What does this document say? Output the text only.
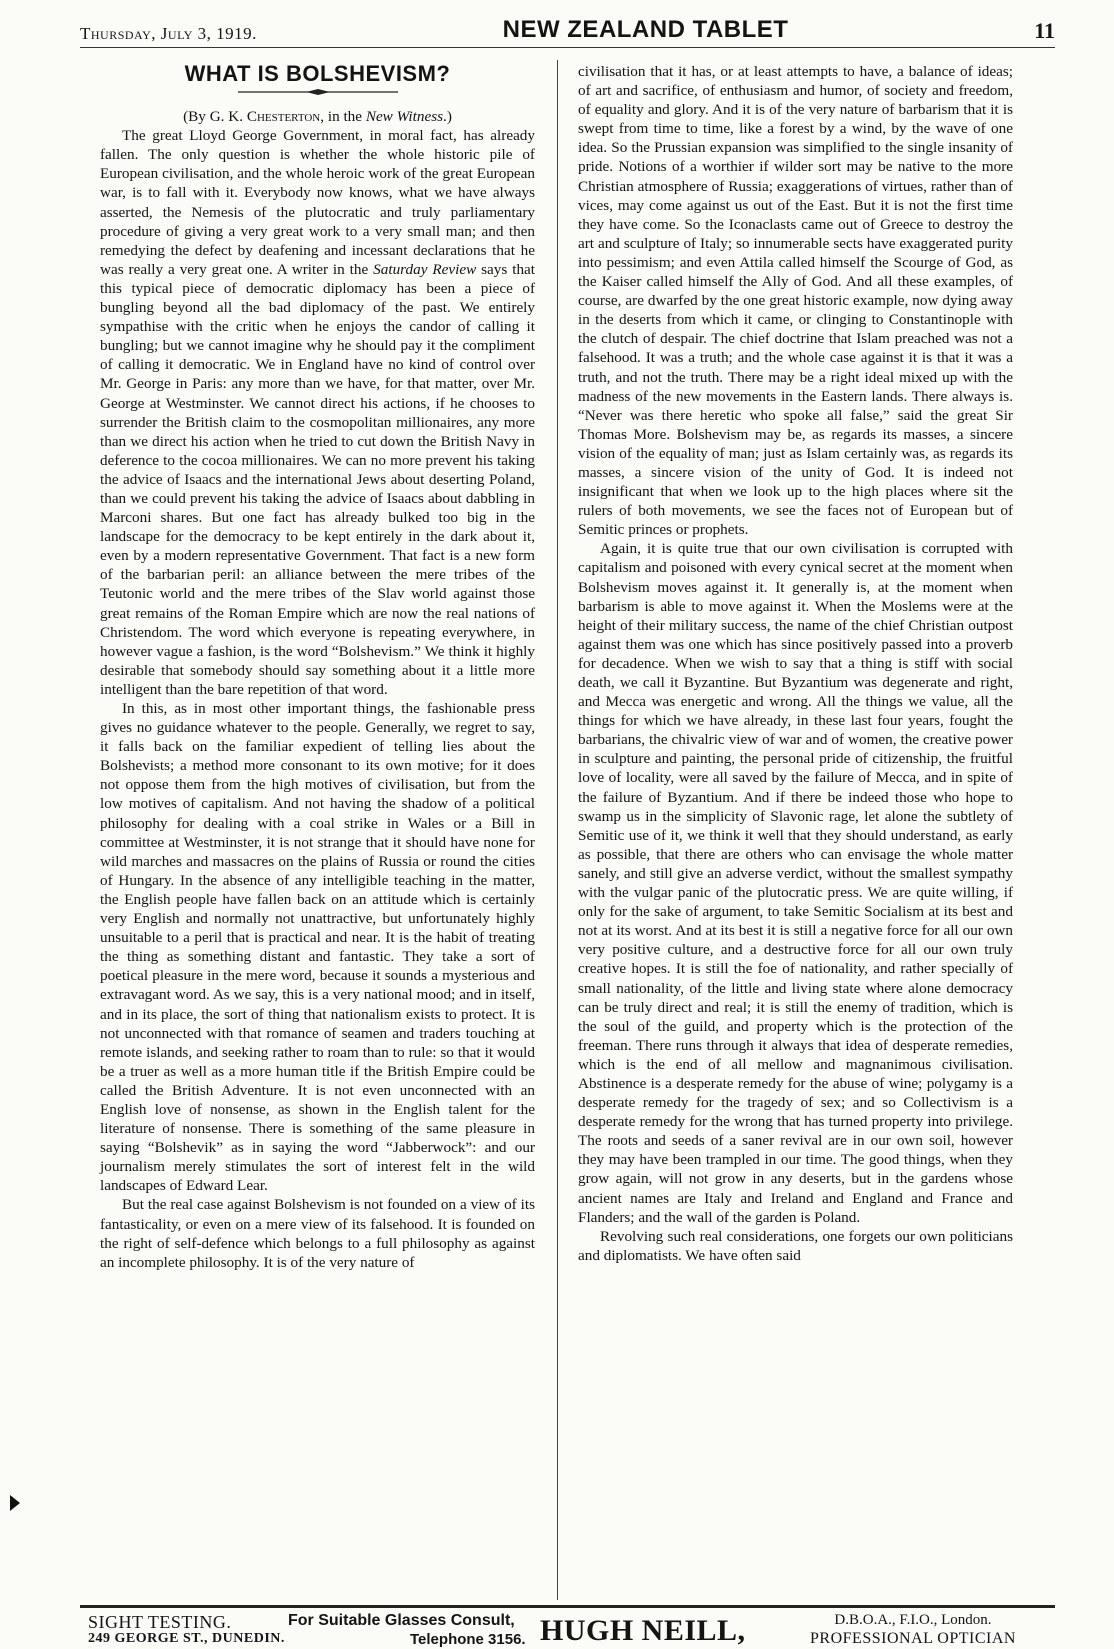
Thursday, July 3, 1919.	NEW ZEALAND TABLET	11
WHAT IS BOLSHEVISM?

(By G. K. Chesterton, in the New Witness.)

The great Lloyd George Government, in moral fact, has already fallen. The only question is whether the whole historic pile of European civilisation, and the whole heroic work of the great European war, is to fall with it. Everybody now knows, what we have always asserted, the Nemesis of the plutocratic and truly parliamentary procedure of giving a very great work to a very small man; and then remedying the defect by deafening and incessant declarations that he was really a very great one. A writer in the Saturday Review says that this typical piece of democratic diplomacy has been a piece of bungling beyond all the bad diplomacy of the past. We entirely sympathise with the critic when he enjoys the candor of calling it bungling; but we cannot imagine why he should pay it the compliment of calling it democratic. We in England have no kind of control over Mr. George in Paris: any more than we have, for that matter, over Mr. George at Westminster. We cannot direct his actions, if he chooses to surrender the British claim to the cosmopolitan millionaires, any more than we direct his action when he tried to cut down the British Navy in deference to the cocoa millionaires. We can no more prevent his taking the advice of Isaacs and the international Jews about deserting Poland, than we could prevent his taking the advice of Isaacs about dabbling in Marconi shares. But one fact has already bulked too big in the landscape for the democracy to be kept entirely in the dark about it, even by a modern representative Government. That fact is a new form of the barbarian peril: an alliance between the mere tribes of the Teutonic world and the mere tribes of the Slav world against those great remains of the Roman Empire which are now the real nations of Christendom. The word which everyone is repeating everywhere, in however vague a fashion, is the word “Bolshevism.” We think it highly desirable that somebody should say something about it a little more intelligent than the bare repetition of that word.

In this, as in most other important things, the fashionable press gives no guidance whatever to the people. Generally, we regret to say, it falls back on the familiar expedient of telling lies about the Bolshevists; a method more consonant to its own motive; for it does not oppose them from the high motives of civilisation, but from the low motives of capitalism. And not having the shadow of a political philosophy for dealing with a coal strike in Wales or a Bill in committee at Westminster, it is not strange that it should have none for wild marches and massacres on the plains of Russia or round the cities of Hungary. In the absence of any intelligible teaching in the matter, the English people have fallen back on an attitude which is certainly very English and normally not unattractive, but unfortunately highly unsuitable to a peril that is practical and near. It is the habit of treating the thing as something distant and fantastic. They take a sort of poetical pleasure in the mere word, because it sounds a mysterious and extravagant word. As we say, this is a very national mood; and in itself, and in its place, the sort of thing that nationalism exists to protect. It is not unconnected with that romance of seamen and traders touching at remote islands, and seeking rather to roam than to rule: so that it would be a truer as well as a more human title if the British Empire could be called the British Adventure. It is not even unconnected with an English love of nonsense, as shown in the English talent for the literature of nonsense. There is something of the same pleasure in saying “Bolshevik” as in saying the word “Jabberwock”: and our journalism merely stimulates the sort of interest felt in the wild landscapes of Edward Lear.

But the real case against Bolshevism is not founded on a view of its fantasticality, or even on a mere view of its falsehood. It is founded on the right of self-defence which belongs to a full philosophy as against an incomplete philosophy. It is of the very nature of

civilisation that it has, or at least attempts to have, a balance of ideas; of art and sacrifice, of enthusiasm and humor, of society and freedom, of equality and glory. And it is of the very nature of barbarism that it is swept from time to time, like a forest by a wind, by the wave of one idea. So the Prussian expansion was simplified to the single insanity of pride. Notions of a worthier if wilder sort may be native to the more Christian atmosphere of Russia; exaggerations of virtues, rather than of vices, may come against us out of the East. But it is not the first time they have come. So the Iconaclasts came out of Greece to destroy the art and sculpture of Italy; so innumerable sects have exaggerated purity into pessimism; and even Attila called himself the Scourge of God, as the Kaiser called himself the Ally of God. And all these examples, of course, are dwarfed by the one great historic example, now dying away in the deserts from which it came, or clinging to Constantinople with the clutch of despair. The chief doctrine that Islam preached was not a falsehood. It was a truth; and the whole case against it is that it was a truth, and not the truth. There may be a right ideal mixed up with the madness of the new movements in the Eastern lands. There always is. “Never was there heretic who spoke all false,” said the great Sir Thomas More. Bolshevism may be, as regards its masses, a sincere vision of the equality of man; just as Islam certainly was, as regards its masses, a sincere vision of the unity of God. It is indeed not insignificant that when we look up to the high places where sit the rulers of both movements, we see the faces not of European but of Semitic princes or prophets.

Again, it is quite true that our own civilisation is corrupted with capitalism and poisoned with every cynical secret at the moment when Bolshevism moves against it. It generally is, at the moment when barbarism is able to move against it. When the Moslems were at the height of their military success, the name of the chief Christian outpost against them was one which has since positively passed into a proverb for decadence. When we wish to say that a thing is stiff with social death, we call it Byzantine. But Byzantium was degenerate and right, and Mecca was energetic and wrong. All the things we value, all the things for which we have already, in these last four years, fought the barbarians, the chivalric view of war and of women, the creative power in sculpture and painting, the personal pride of citizenship, the fruitful love of locality, were all saved by the failure of Mecca, and in spite of the failure of Byzantium. And if there be indeed those who hope to swamp us in the simplicity of Slavonic rage, let alone the subtlety of Semitic use of it, we think it well that they should understand, as early as possible, that there are others who can envisage the whole matter sanely, and still give an adverse verdict, without the smallest sympathy with the vulgar panic of the plutocratic press. We are quite willing, if only for the sake of argument, to take Semitic Socialism at its best and not at its worst. And at its best it is still a negative force for all our own very positive culture, and a destructive force for all our own truly creative hopes. It is still the foe of nationality, and rather specially of small nationality, of the little and living state where alone democracy can be truly direct and real; it is still the enemy of tradition, which is the soul of the guild, and property which is the protection of the freeman. There runs through it always that idea of desperate remedies, which is the end of all mellow and magnanimous civilisation. Abstinence is a desperate remedy for the abuse of wine; polygamy is a desperate remedy for the tragedy of sex; and so Collectivism is a desperate remedy for the wrong that has turned property into privilege. The roots and seeds of a saner revival are in our own soil, however they may have been trampled in our time. The good things, when they grow again, will not grow in any deserts, but in the gardens whose ancient names are Italy and Ireland and England and France and Flanders; and the wall of the garden is Poland.

Revolving such real considerations, one forgets our own politicians and diplomatists. We have often said

SIGHT TESTING.
249 GEORGE ST., DUNEDIN.
For Suitable Glasses Consult,
Telephone 3156. HUGH NEILL,	D.B.O.A., F.I.O., London.
PROFESSIONAL OPTICIAN
